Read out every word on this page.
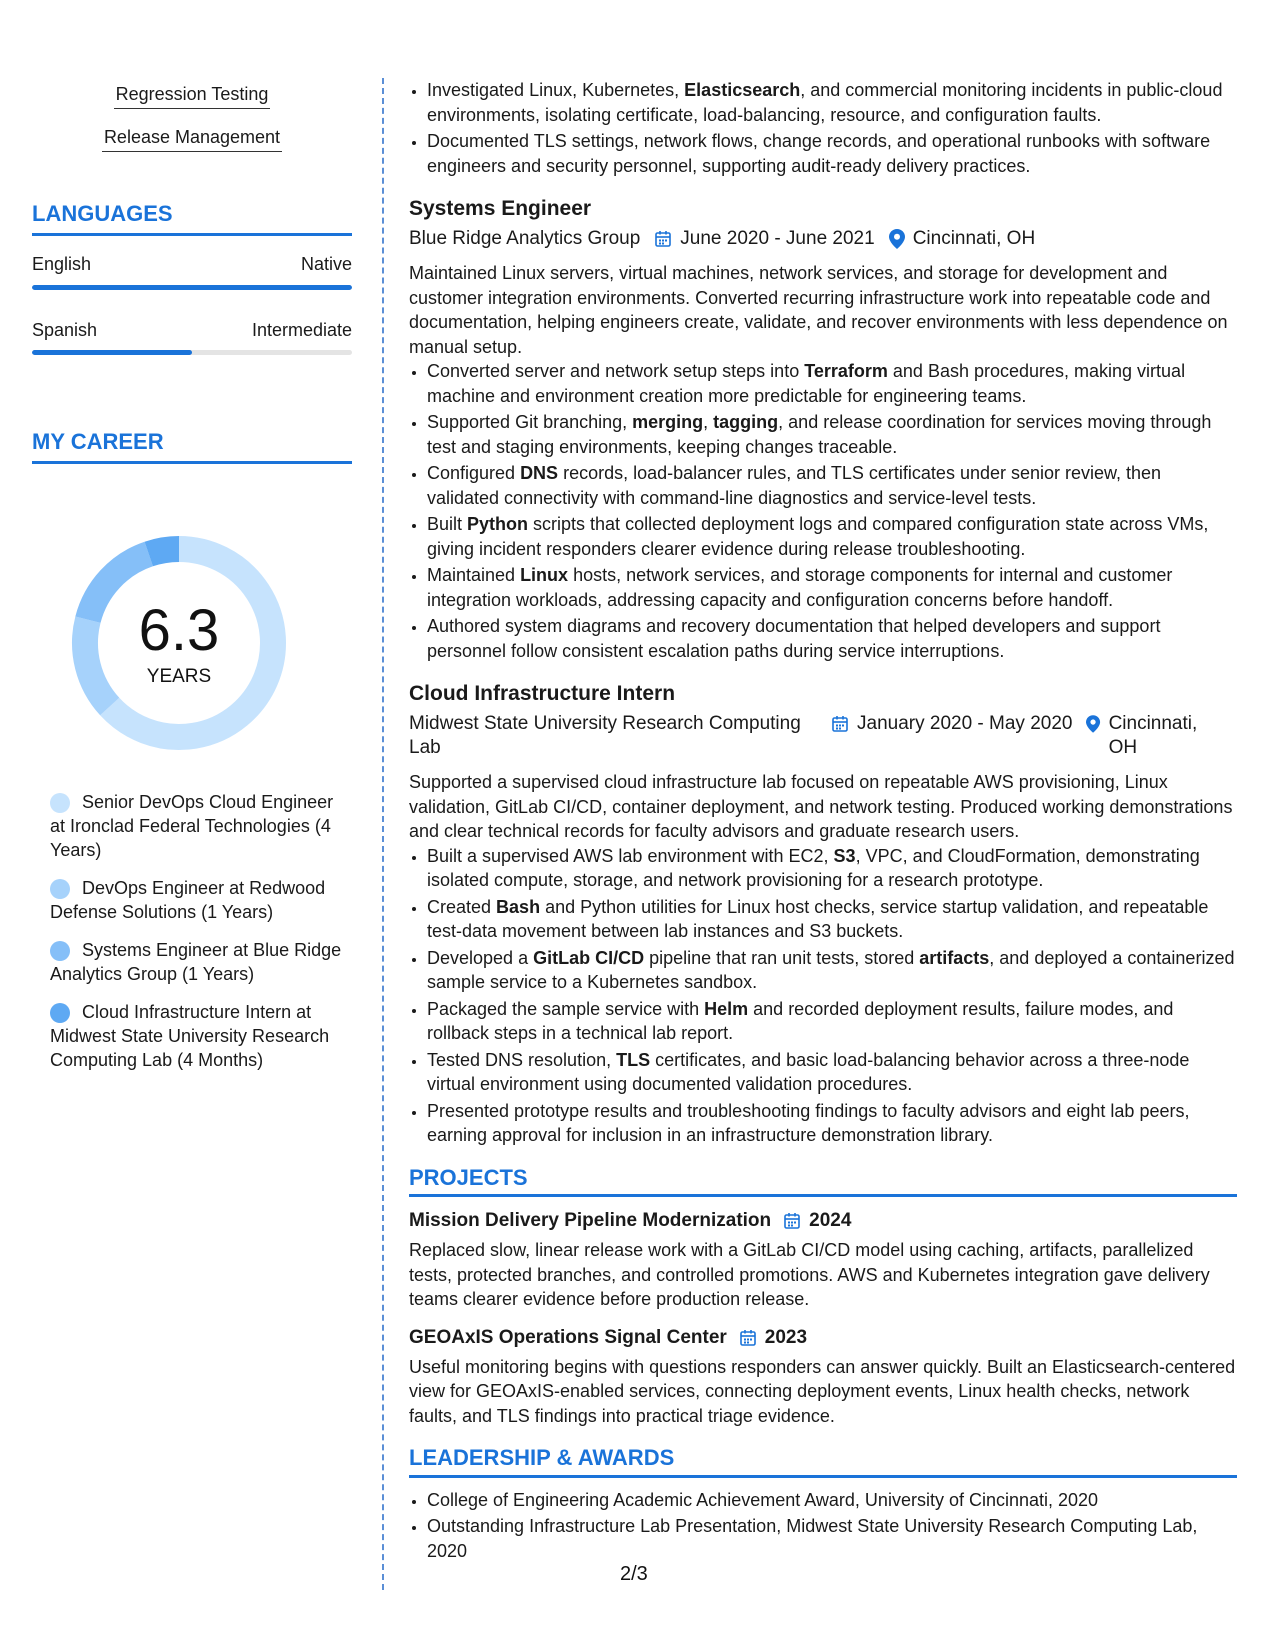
Regression Testing
Release Management
LANGUAGES
English	Native
Spanish	Intermediate
MY CAREER
6.3
YEARS
Senior DevOps Cloud Engineer at Ironclad Federal Technologies (4 Years)
DevOps Engineer at Redwood Defense Solutions (1 Years)
Systems Engineer at Blue Ridge Analytics Group (1 Years)
Cloud Infrastructure Intern at Midwest State University Research Computing Lab (4 Months)
• Investigated Linux, Kubernetes, Elasticsearch, and commercial monitoring incidents in public-cloud environments, isolating certificate, load-balancing, resource, and configuration faults.
• Documented TLS settings, network flows, change records, and operational runbooks with software engineers and security personnel, supporting audit-ready delivery practices.
Systems Engineer
Blue Ridge Analytics Group June 2020 - June 2021 Cincinnati, OH
Maintained Linux servers, virtual machines, network services, and storage for development and customer integration environments. Converted recurring infrastructure work into repeatable code and documentation, helping engineers create, validate, and recover environments with less dependence on manual setup.
• Converted server and network setup steps into Terraform and Bash procedures, making virtual machine and environment creation more predictable for engineering teams.
• Supported Git branching, merging, tagging, and release coordination for services moving through test and staging environments, keeping changes traceable.
• Configured DNS records, load-balancer rules, and TLS certificates under senior review, then validated connectivity with command-line diagnostics and service-level tests.
• Built Python scripts that collected deployment logs and compared configuration state across VMs, giving incident responders clearer evidence during release troubleshooting.
• Maintained Linux hosts, network services, and storage components for internal and customer integration workloads, addressing capacity and configuration concerns before handoff.
• Authored system diagrams and recovery documentation that helped developers and support personnel follow consistent escalation paths during service interruptions.
Cloud Infrastructure Intern
Midwest State University Research Computing Lab
January 2020 - May 2020 Cincinnati, OH
Supported a supervised cloud infrastructure lab focused on repeatable AWS provisioning, Linux validation, GitLab CI/CD, container deployment, and network testing. Produced working demonstrations and clear technical records for faculty advisors and graduate research users.
• Built a supervised AWS lab environment with EC2, S3, VPC, and CloudFormation, demonstrating isolated compute, storage, and network provisioning for a research prototype.
• Created Bash and Python utilities for Linux host checks, service startup validation, and repeatable test-data movement between lab instances and S3 buckets.
• Developed a GitLab CI/CD pipeline that ran unit tests, stored artifacts, and deployed a containerized sample service to a Kubernetes sandbox.
• Packaged the sample service with Helm and recorded deployment results, failure modes, and rollback steps in a technical lab report.
• Tested DNS resolution, TLS certificates, and basic load-balancing behavior across a three-node virtual environment using documented validation procedures.
• Presented prototype results and troubleshooting findings to faculty advisors and eight lab peers, earning approval for inclusion in an infrastructure demonstration library.
PROJECTS
Mission Delivery Pipeline Modernization 2024
Replaced slow, linear release work with a GitLab CI/CD model using caching, artifacts, parallelized tests, protected branches, and controlled promotions. AWS and Kubernetes integration gave delivery teams clearer evidence before production release.
GEOAxIS Operations Signal Center 2023
Useful monitoring begins with questions responders can answer quickly. Built an Elasticsearch-centered view for GEOAxIS-enabled services, connecting deployment events, Linux health checks, network faults, and TLS findings into practical triage evidence.
LEADERSHIP & AWARDS
• College of Engineering Academic Achievement Award, University of Cincinnati, 2020
• Outstanding Infrastructure Lab Presentation, Midwest State University Research Computing Lab, 2020
2/3
